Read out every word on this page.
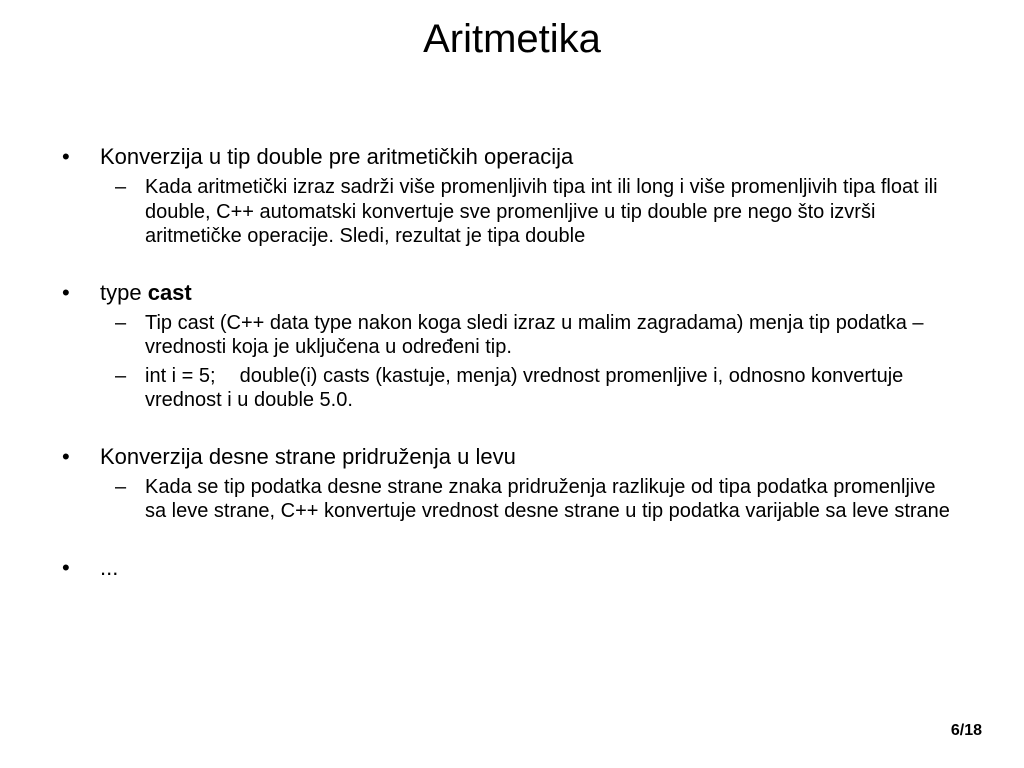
Aritmetika
• Konverzija u tip double pre aritmetičkih operacija
– Kada aritmetički izraz sadrži više promenljivih tipa int ili long i više promenljivih tipa float ili double, C++ automatski konvertuje sve promenljive u tip double pre nego što izvrši aritmetičke operacije. Sledi, rezultat je tipa double
• type cast
– Tip cast (C++ data type nakon koga sledi izraz u malim zagradama) menja tip podatka – vrednosti koja je uključena u određeni tip.
– int i = 5; double(i) casts (kastuje, menja) vrednost promenljive i, odnosno konvertuje vrednost i u double 5.0.
• Konverzija desne strane pridruženja u levu
– Kada se tip podatka desne strane znaka pridruženja razlikuje od tipa podatka promenljive sa leve strane, C++ konvertuje vrednost desne strane u tip podatka varijable sa leve strane
• ...
6/18
